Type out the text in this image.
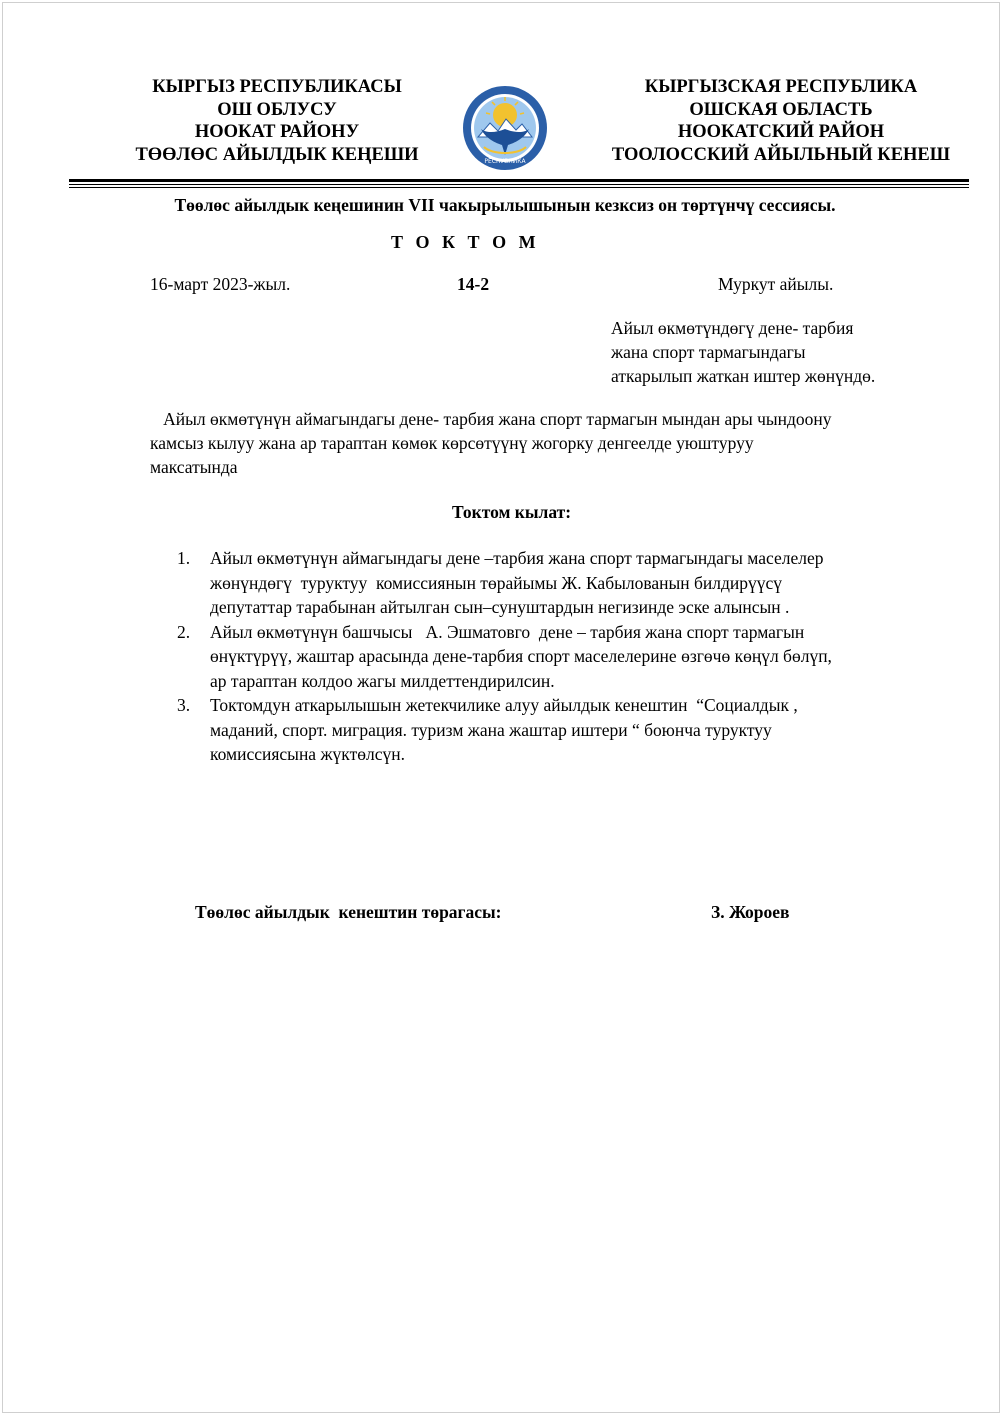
КЫРГЫЗ РЕСПУБЛИКАСЫ
ОШ ОБЛУСУ
НООКАТ РАЙОНУ
ТӨӨЛӨС АЙЫЛДЫК КЕҢЕШИ	РЕСПУБЛИКА
КЫРГЫЗСКАЯ РЕСПУБЛИКА
ОШСКАЯ ОБЛАСТЬ
НООКАТСКИЙ РАЙОН
ТООЛОССКИЙ АЙЫЛЬНЫЙ КЕНЕШ
Төөлөс айылдык кеңешинин VII чакырылышынын кезксиз он төртүнчү сессиясы.
Т О К Т О М
16-март 2023-жыл.	14-2	Муркут айылы.
Айыл өкмөтүндөгү дене- тарбия
жана спорт тармагындагы
аткарылып жаткан иштер жөнүндө.
Айыл өкмөтүнүн аймагындагы дене- тарбия жана спорт тармагын мындан ары чындоону
камсыз кылуу жана ар тараптан көмөк көрсөтүүнү жогорку денгеелде уюштуруу
максатында
Токтом кылат:
1. Айыл өкмөтүнүн аймагындагы дене –тарбия жана спорт тармагындагы маселелер
жөнүндөгү  туруктуу  комиссиянын төрайымы Ж. Кабылованын билдирүүсү
депутаттар тарабынан айтылган сын–сунуштардын негизинде эске алынсын .
2. Айыл өкмөтүнүн башчысы   А. Эшматовго  дене – тарбия жана спорт тармагын
өнүктүрүү, жаштар арасында дене-тарбия спорт маселелерине өзгөчө көңүл бөлүп,
ар тараптан колдоо жагы милдеттендирилсин.
3. Токтомдун аткарылышын жетекчилике алуу айылдык кенештин  “Социалдык ,
маданий, спорт. миграция. туризм жана жаштар иштери “ боюнча туруктуу
комиссиясына жүктөлсүн.
Төөлөс айылдык  кенештин төрагасы:	З. Жороев
